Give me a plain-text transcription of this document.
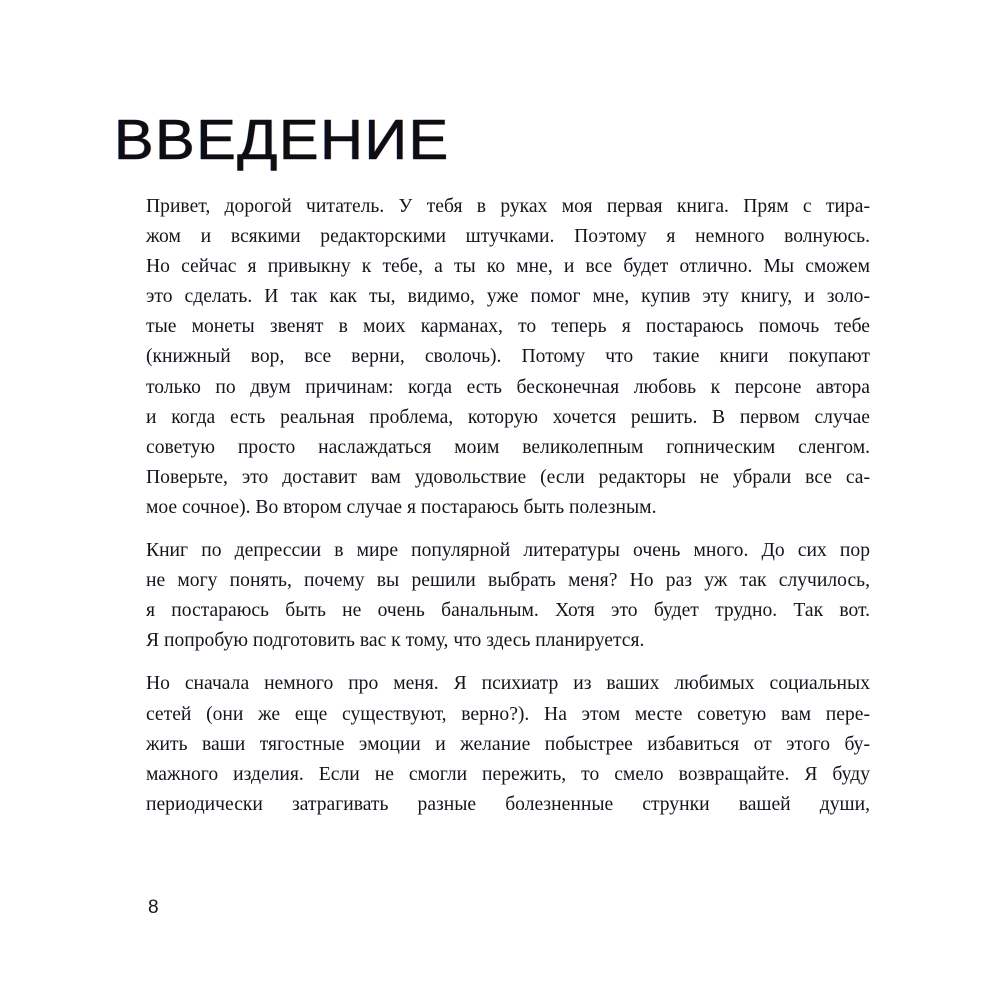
ВВЕДЕНИЕ

Привет, дорогой читатель. У тебя в руках моя первая книга. Прям с тира-
жом и всякими редакторскими штучками. Поэтому я немного волнуюсь.
Но сейчас я привыкну к тебе, а ты ко мне, и все будет отлично. Мы сможем
это сделать. И так как ты, видимо, уже помог мне, купив эту книгу, и золо-
тые монеты звенят в моих карманах, то теперь я постараюсь помочь тебе
(книжный вор, все верни, сволочь). Потому что такие книги покупают
только по двум причинам: когда есть бесконечная любовь к персоне автора
и когда есть реальная проблема, которую хочется решить. В первом случае
советую просто наслаждаться моим великолепным гопническим сленгом.
Поверьте, это доставит вам удовольствие (если редакторы не убрали все са-
мое сочное). Во втором случае я постараюсь быть полезным.

Книг по депрессии в мире популярной литературы очень много. До сих пор
не могу понять, почему вы решили выбрать меня? Но раз уж так случилось,
я постараюсь быть не очень банальным. Хотя это будет трудно. Так вот.
Я попробую подготовить вас к тому, что здесь планируется.

Но сначала немного про меня. Я психиатр из ваших любимых социальных
сетей (они же еще существуют, верно?). На этом месте советую вам пере-
жить ваши тягостные эмоции и желание побыстрее избавиться от этого бу-
мажного изделия. Если не смогли пережить, то смело возвращайте. Я буду
периодически затрагивать разные болезненные струнки вашей души,

8
